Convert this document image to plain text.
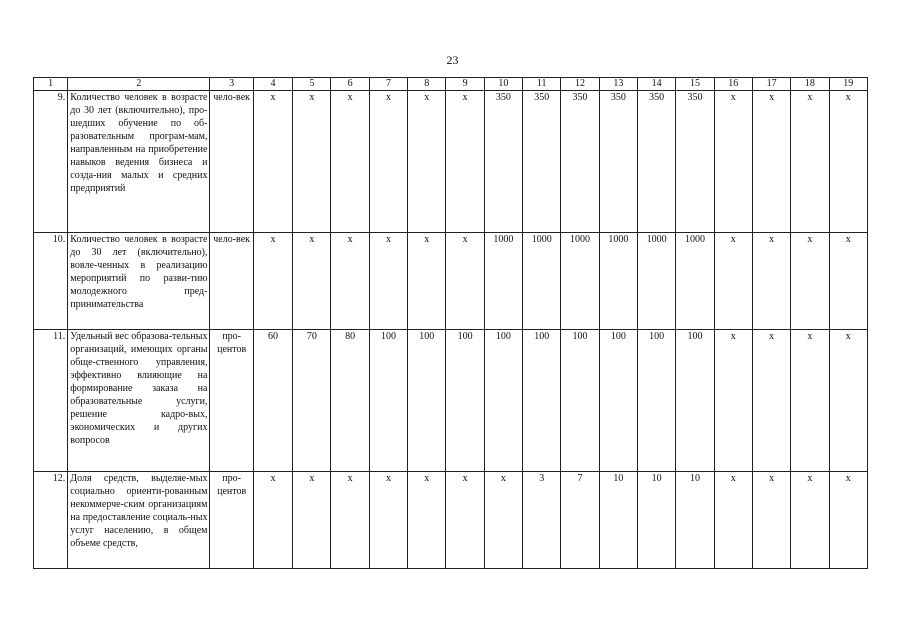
23
1	2	3	4	5	6	7	8	9	10	11	12	13	14	15	16	17	18	19
9.	Количество человек в возрасте до 30 лет (включительно), про-шедших обучение по об-разовательным програм-мам, направленным на приобретение навыков ведения бизнеса и созда-ния малых и средних предприятий	чело-век	x	x	x	x	x	x	350	350	350	350	350	350	x	x	x	x
10.	Количество человек в возрасте до 30 лет (включительно), вовле-ченных в реализацию мероприятий по разви-тию молодежного пред-принимательства	чело-век	x	x	x	x	x	x	1000	1000	1000	1000	1000	1000	x	x	x	x
11.	Удельный вес образова-тельных организаций, имеющих органы обще-ственного управления, эффективно влияющие на формирование заказа на образовательные услуги, решение кадро-вых, экономических и других вопросов	про-центов	60	70	80	100	100	100	100	100	100	100	100	100	x	x	x	x
12.	Доля средств, выделяе-мых социально ориенти-рованным некоммерче-ским организациям на предоставление социаль-ных услуг населению, в общем объеме средств,	про-центов	x	x	x	x	x	x	x	3	7	10	10	10	x	x	x	x
